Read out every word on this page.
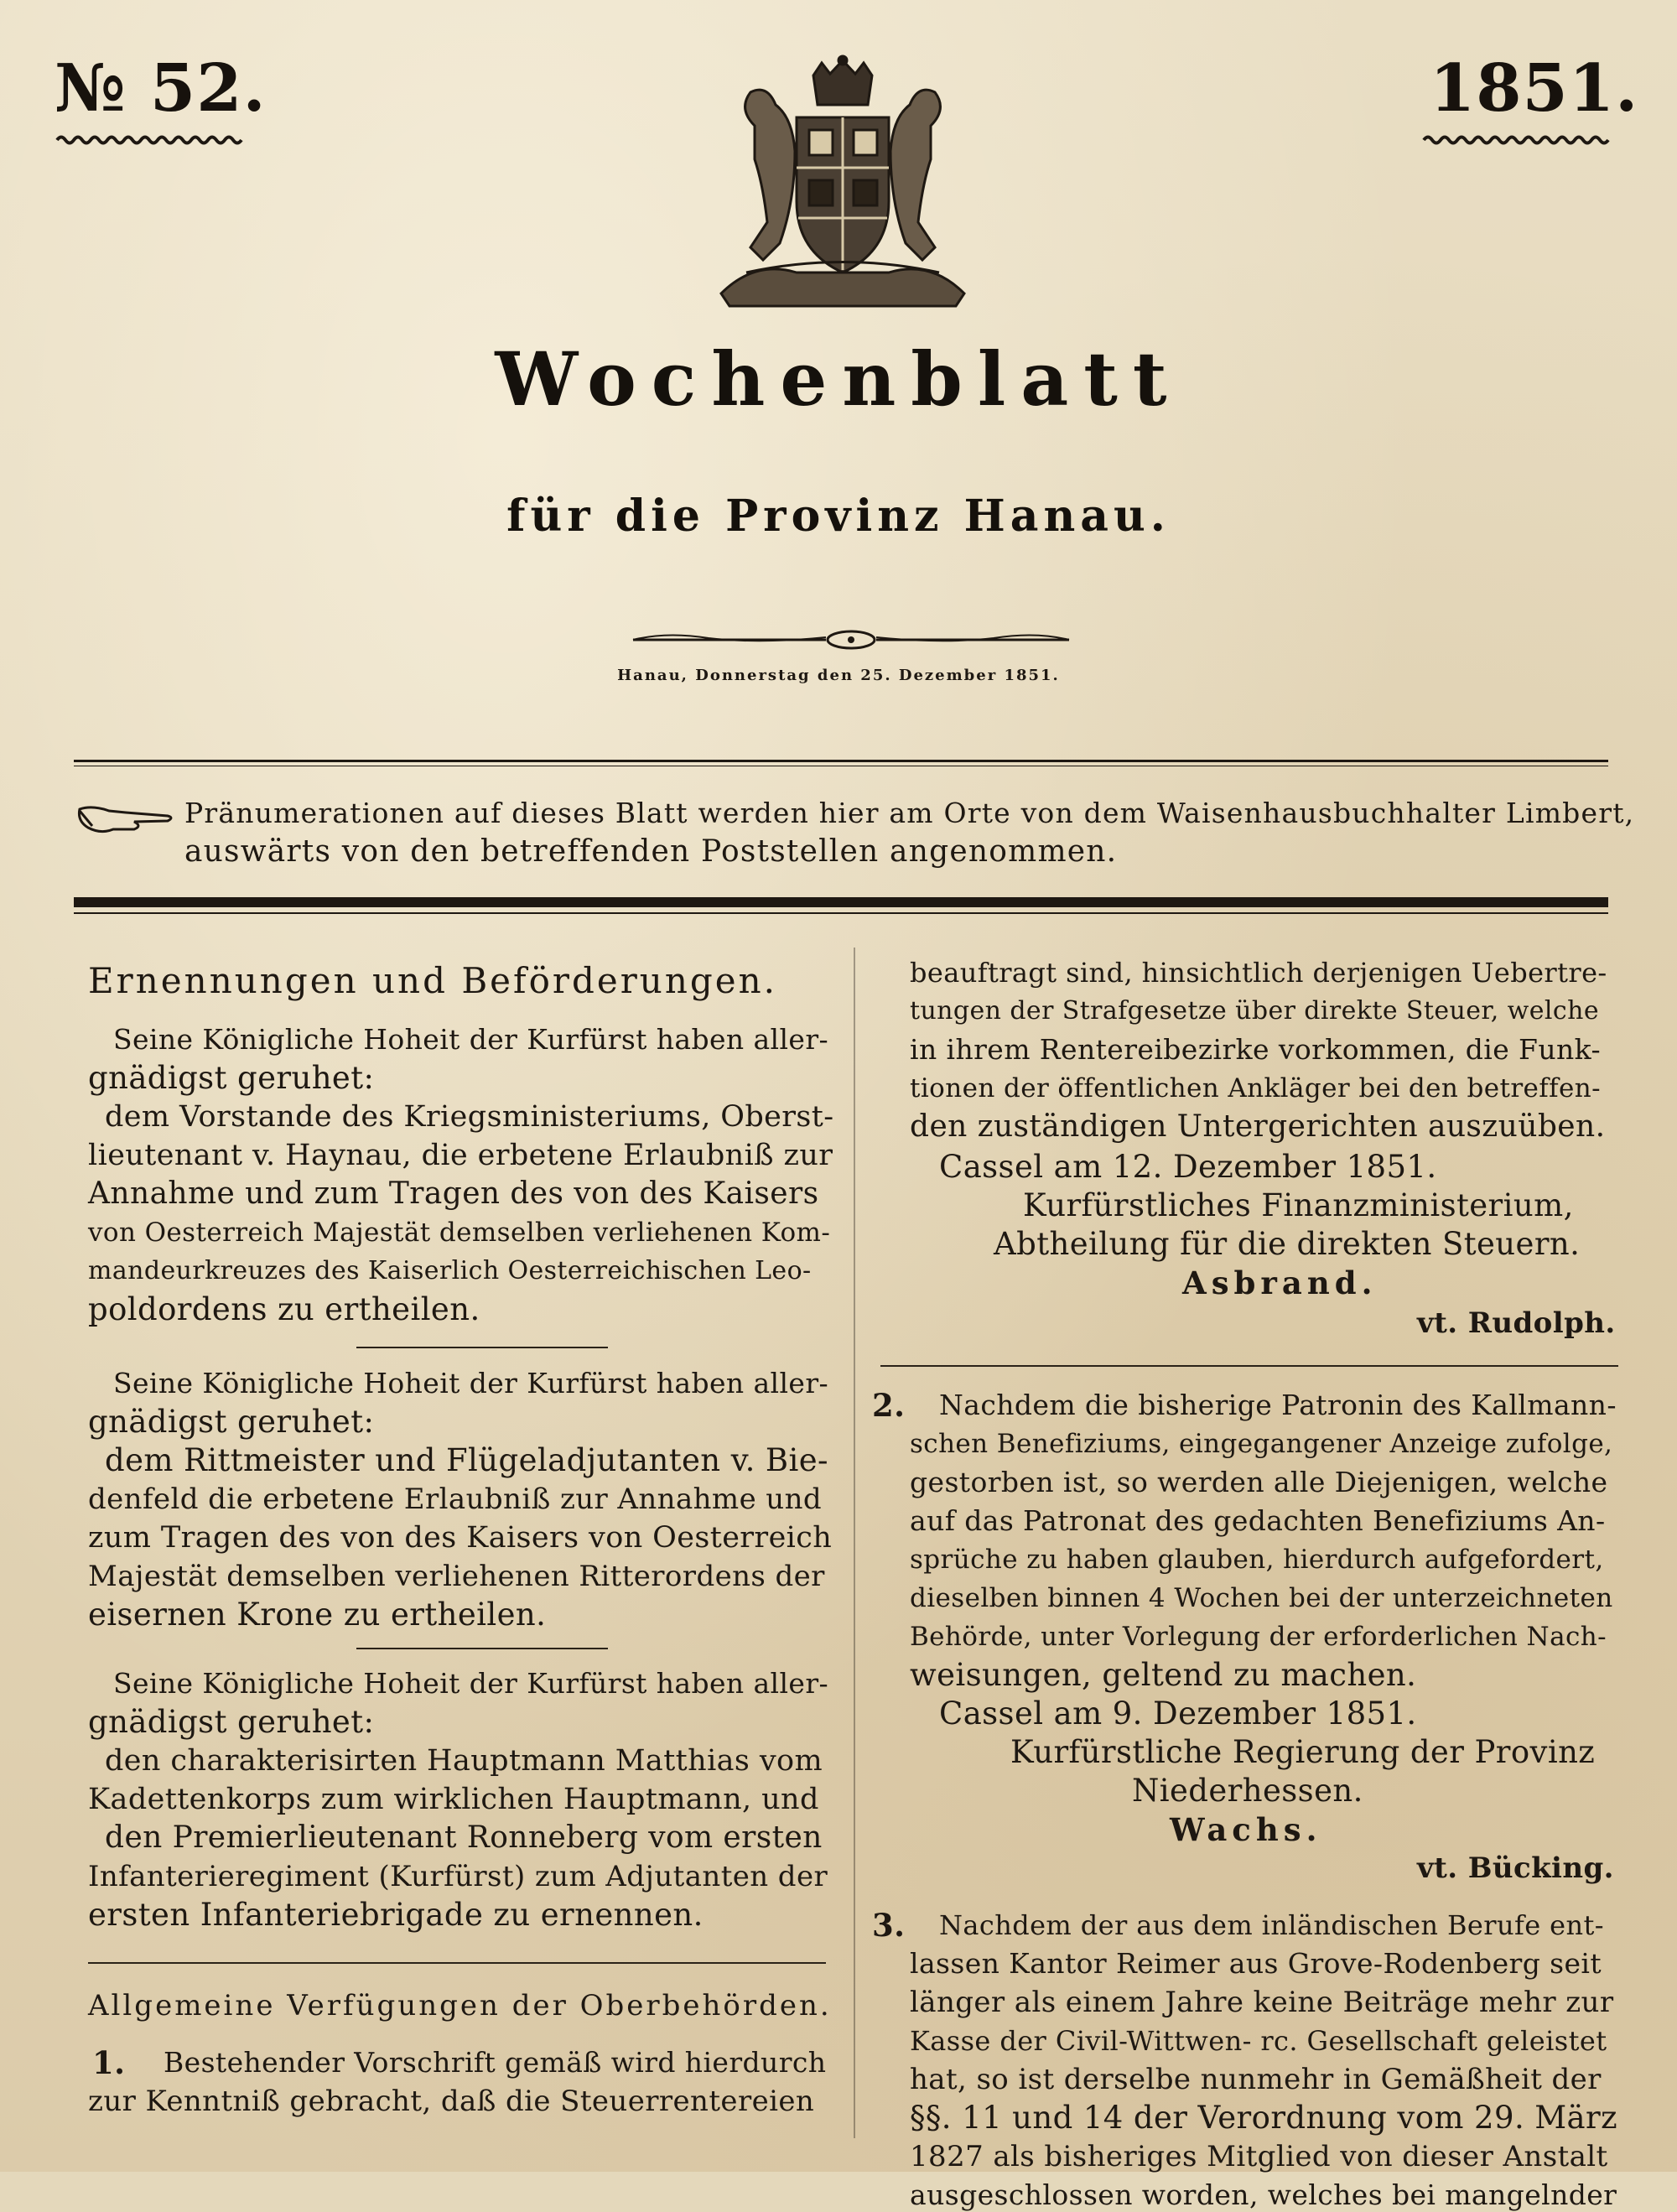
№ 52.	1851.
Wochenblatt
für die Provinz Hanau.
Hanau, Donnerstag den 25. Dezember 1851.
Pränumerationen auf dieses Blatt werden hier am Orte von dem Waisenhausbuchhalter Limbert,
auswärts von den betreffenden Poststellen angenommen.
Ernennungen und Beförderungen.
Seine Königliche Hoheit der Kurfürst haben aller-
gnädigst geruhet:
dem Vorstande des Kriegsministeriums, Oberst-
lieutenant v. Haynau, die erbetene Erlaubniß zur
Annahme und zum Tragen des von des Kaisers
von Oesterreich Majestät demselben verliehenen Kom-
mandeurkreuzes des Kaiserlich Oesterreichischen Leo-
poldordens zu ertheilen.
Seine Königliche Hoheit der Kurfürst haben aller-
gnädigst geruhet:
dem Rittmeister und Flügeladjutanten v. Bie-
denfeld die erbetene Erlaubniß zur Annahme und
zum Tragen des von des Kaisers von Oesterreich
Majestät demselben verliehenen Ritterordens der
eisernen Krone zu ertheilen.
Seine Königliche Hoheit der Kurfürst haben aller-
gnädigst geruhet:
den charakterisirten Hauptmann Matthias vom
Kadettenkorps zum wirklichen Hauptmann, und
den Premierlieutenant Ronneberg vom ersten
Infanterieregiment (Kurfürst) zum Adjutanten der
ersten Infanteriebrigade zu ernennen.
Allgemeine Verfügungen der Oberbehörden.
1. Bestehender Vorschrift gemäß wird hierdurch
zur Kenntniß gebracht, daß die Steuerrentereien
beauftragt sind, hinsichtlich derjenigen Uebertre-
tungen der Strafgesetze über direkte Steuer, welche
in ihrem Rentereibezirke vorkommen, die Funk-
tionen der öffentlichen Ankläger bei den betreffen-
den zuständigen Untergerichten auszuüben.
Cassel am 12. Dezember 1851.
Kurfürstliches Finanzministerium,
Abtheilung für die direkten Steuern.
Asbrand.
vt. Rudolph.
2. Nachdem die bisherige Patronin des Kallmann-
schen Benefiziums, eingegangener Anzeige zufolge,
gestorben ist, so werden alle Diejenigen, welche
auf das Patronat des gedachten Benefiziums An-
sprüche zu haben glauben, hierdurch aufgefordert,
dieselben binnen 4 Wochen bei der unterzeichneten
Behörde, unter Vorlegung der erforderlichen Nach-
weisungen, geltend zu machen.
Cassel am 9. Dezember 1851.
Kurfürstliche Regierung der Provinz
Niederhessen.
Wachs.
vt. Bücking.
3. Nachdem der aus dem inländischen Berufe ent-
lassen Kantor Reimer aus Grove-Rodenberg seit
länger als einem Jahre keine Beiträge mehr zur
Kasse der Civil-Wittwen- rc. Gesellschaft geleistet
hat, so ist derselbe nunmehr in Gemäßheit der
§§. 11 und 14 der Verordnung vom 29. März
1827 als bisheriges Mitglied von dieser Anstalt
ausgeschlossen worden, welches bei mangelnder
